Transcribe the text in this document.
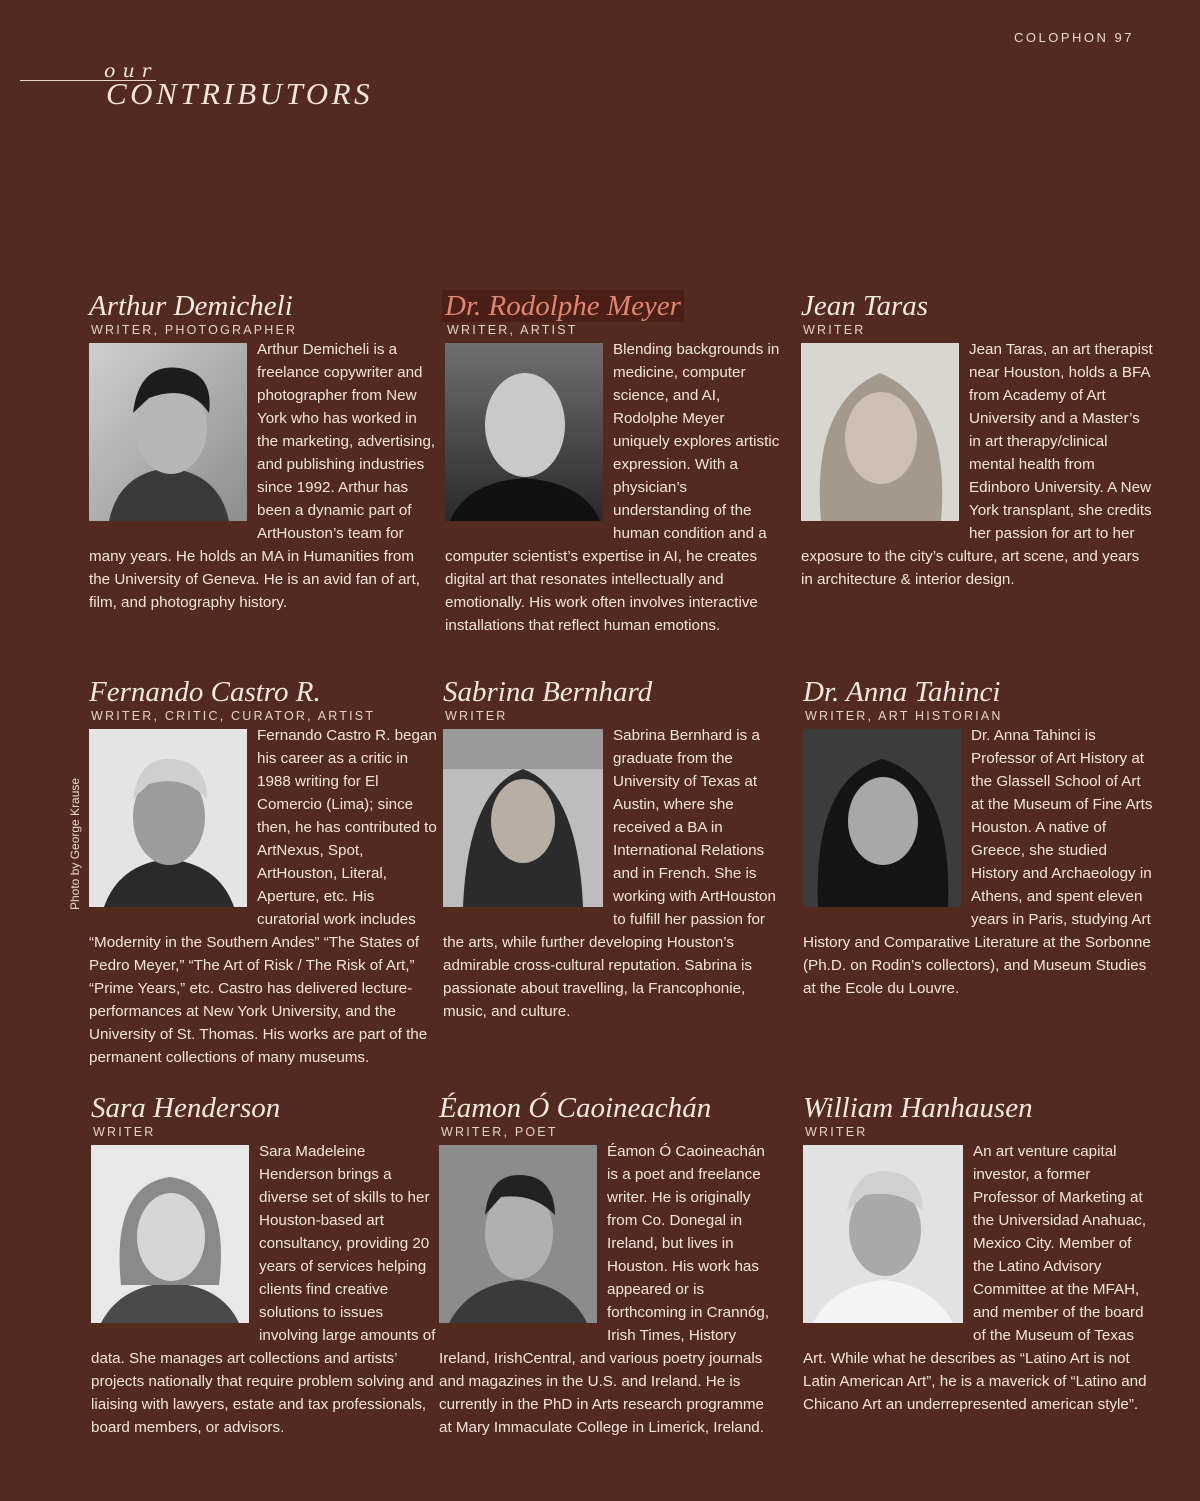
COLOPHON 97
our
CONTRIBUTORS
Photo by George Krause
Arthur Demicheli
WRITER, PHOTOGRAPHER
Arthur Demicheli is a freelance copywriter and photographer from New York who has worked in the marketing, advertising, and publishing industries since 1992. Arthur has been a dynamic part of ArtHouston’s team for many years. He holds an MA in Humanities from the University of Geneva. He is an avid fan of art, film, and photography history.
Dr. Rodolphe Meyer
WRITER, ARTIST
Blending backgrounds in medicine, computer science, and AI, Rodolphe Meyer uniquely explores artistic expression. With a physician’s understanding of the human condition and a computer scientist’s expertise in AI, he creates digital art that resonates intellectually and emotionally. His work often involves interactive installations that reflect human emotions.
Jean Taras
WRITER
Jean Taras, an art therapist near Houston, holds a BFA from Academy of Art University and a Master’s in art therapy/clinical mental health from Edinboro University. A New York transplant, she credits her passion for art to her exposure to the city’s culture, art scene, and years in architecture & interior design.
Fernando Castro R.
WRITER, CRITIC, CURATOR, ARTIST
Fernando Castro R. began his career as a critic in 1988 writing for El Comercio (Lima); since then, he has contributed to ArtNexus, Spot, ArtHouston, Literal, Aperture, etc. His curatorial work includes “Modernity in the Southern Andes” “The States of Pedro Meyer,” “The Art of Risk / The Risk of Art,” “Prime Years,” etc. Castro has delivered lecture-performances at New York University, and the University of St. Thomas. His works are part of the permanent collections of many museums.
Sabrina Bernhard
WRITER
Sabrina Bernhard is a graduate from the University of Texas at Austin, where she received a BA in International Relations and in French. She is working with ArtHouston to fulfill her passion for the arts, while further developing Houston’s admirable cross-cultural reputation. Sabrina is passionate about travelling, la Francophonie, music, and culture.
Dr. Anna Tahinci
WRITER, ART HISTORIAN
Dr. Anna Tahinci is Professor of Art History at the Glassell School of Art at the Museum of Fine Arts Houston. A native of Greece, she studied History and Archaeology in Athens, and spent eleven years in Paris, studying Art History and Comparative Literature at the Sorbonne (Ph.D. on Rodin’s collectors), and Museum Studies at the Ecole du Louvre.
Sara Henderson
WRITER
Sara Madeleine Henderson brings a diverse set of skills to her Houston-based art consultancy, providing 20 years of services helping clients find creative solutions to issues involving large amounts of data. She manages art collections and artists’ projects nationally that require problem solving and liaising with lawyers, estate and tax professionals, board members, or advisors.
Éamon Ó Caoineachán
WRITER, POET
Éamon Ó Caoineachán is a poet and freelance writer. He is originally from Co. Donegal in Ireland, but lives in Houston. His work has appeared or is forthcoming in Crannóg, Irish Times, History Ireland, IrishCentral, and various poetry journals and magazines in the U.S. and Ireland. He is currently in the PhD in Arts research programme at Mary Immaculate College in Limerick, Ireland.
William Hanhausen
WRITER
An art venture capital investor, a former Professor of Marketing at the Universidad Anahuac, Mexico City. Member of the Latino Advisory Committee at the MFAH, and member of the board of the Museum of Texas Art. While what he describes as “Latino Art is not Latin American Art”, he is a maverick of “Latino and Chicano Art an underrepresented american style”.
